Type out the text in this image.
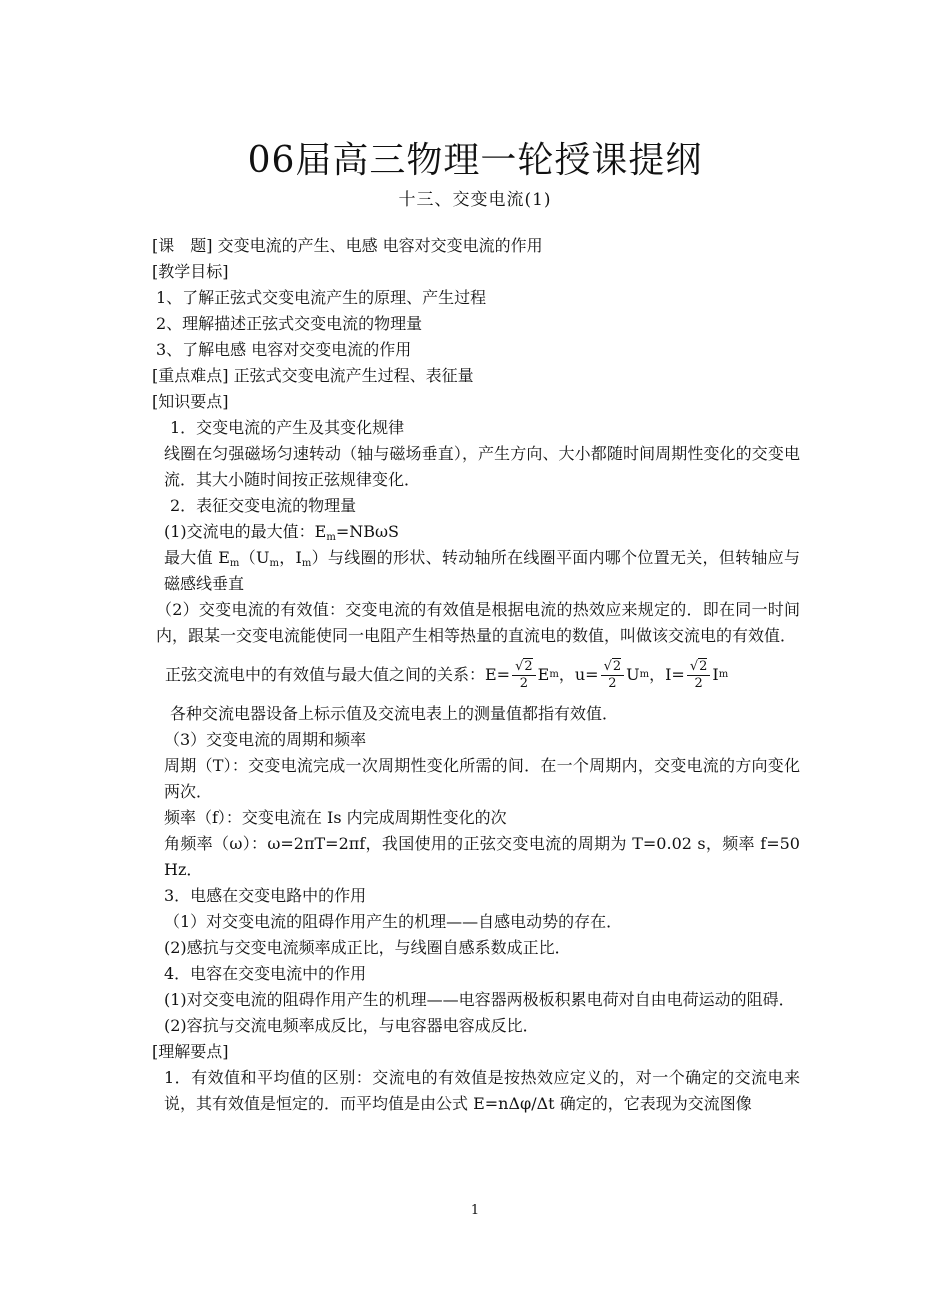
06届高三物理一轮授课提纲
十三、交变电流(1)

[课　题] 交变电流的产生、电感 电容对交变电流的作用

[教学目标]

1、了解正弦式交变电流产生的原理、产生过程

2、理解描述正弦式交变电流的物理量

3、了解电感 电容对交变电流的作用

[重点难点] 正弦式交变电流产生过程、表征量

[知识要点]

1．交变电流的产生及其变化规律

线圈在匀强磁场匀速转动（轴与磁场垂直），产生方向、大小都随时间周期性变化的交变电流．其大小随时间按正弦规律变化．

2．表征交变电流的物理量

(1)交流电的最大值：$E_m=NB\omega S$

最大值 $E_m(U_m$，$I_m$）与线圈的形状、转动轴所在线圈平面内哪个位置无关，但转轴应与磁感线垂直

（2）交变电流的有效值：交变电流的有效值是根据电流的热效应来规定的．即在同一时间内，跟某一交变电流能使同一电阻产生相等热量的直流电的数值，叫做该交流电的有效值．

正弦交流电中的有效值与最大值之间的关系：$E= \frac{√2}{2}$ E m ，$u= \frac{√2}{2}$ U m ，$I= \frac{√2}{2}$ I m

各种交流电器设备上标示值及交流电表上的测量值都指有效值．

（3）交变电流的周期和频率

周期（T）：交变电流完成一次周期性变化所需的间．在一个周期内，交变电流的方向变化两次．

频率（f）：交变电流在 Is 内完成周期性变化的次

角频率（ω）：ω=2πT=2πf，我国使用的正弦交变电流的周期为 T=0.02 s，频率 f=50 Hz．

3．电感在交变电路中的作用

（1）对交变电流的阻碍作用产生的机理——自感电动势的存在．

(2)感抗与交变电流频率成正比，与线圈自感系数成正比．

4．电容在交变电流中的作用

(1)对交变电流的阻碍作用产生的机理——电容器两极板积累电荷对自由电荷运动的阻碍．

(2)容抗与交流电频率成反比，与电容器电容成反比．

[理解要点]

1．有效值和平均值的区别：交流电的有效值是按热效应定义的，对一个确定的交流电来说，其有效值是恒定的．而平均值是由公式 E=nΔφ/Δt 确定的，它表现为交流图像

1
